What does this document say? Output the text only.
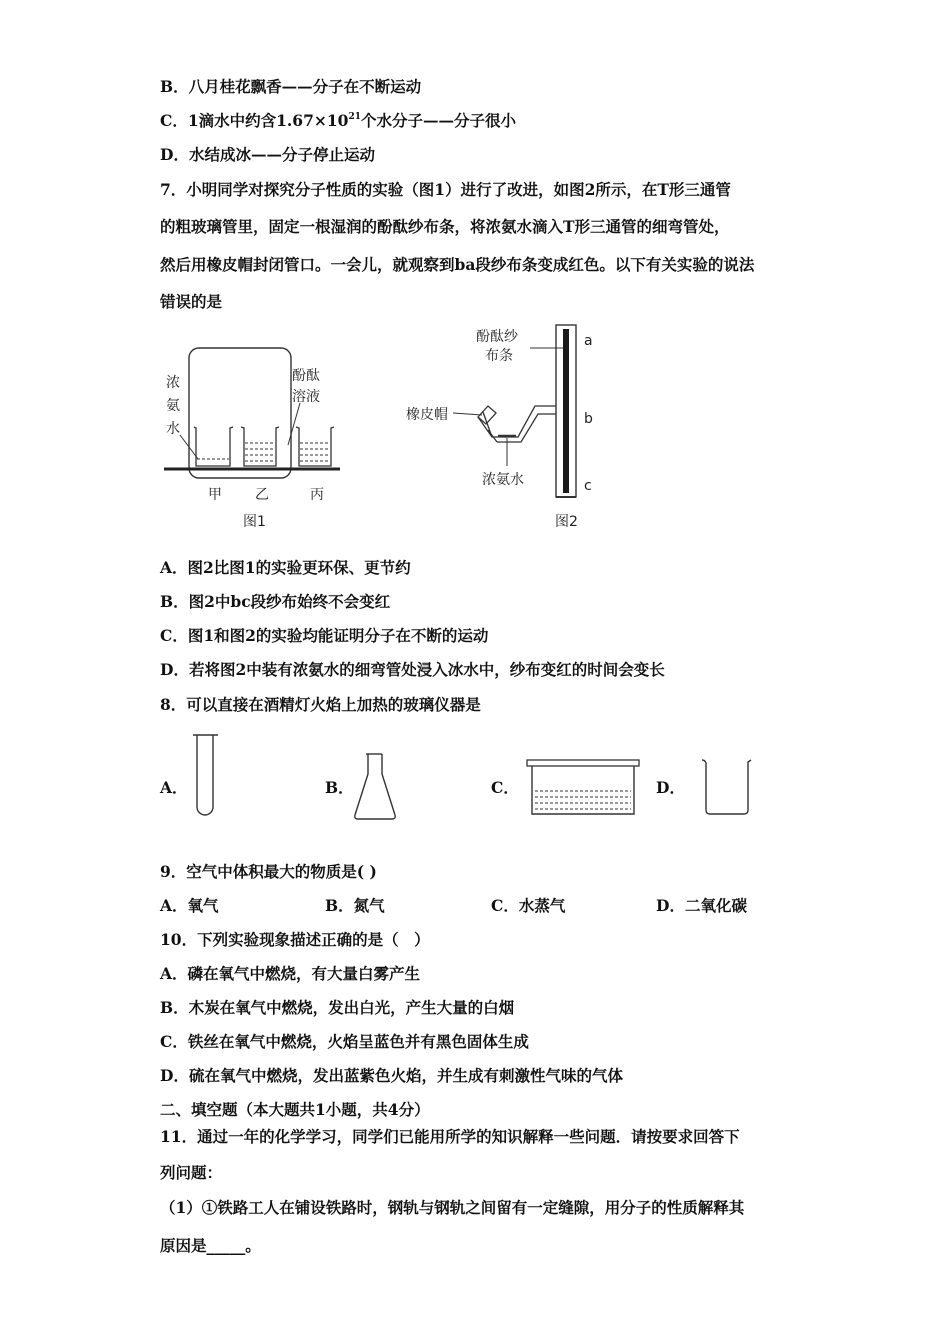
B．八月桂花飘香——分子在不断运动
C．1滴水中约含$1.67\times 10^{21}$个水分子——分子很小
D．水结成冰——分子停止运动
7．小明同学对探究分子性质的实验（图1）进行了改进，如图2所示，在T形三通管
的粗玻璃管里，固定一根湿润的酚酞纱布条，将浓氨水滴入T形三通管的细弯管处，
然后用橡皮帽封闭管口。一会儿，就观察到ba段纱布条变成红色。以下有关实验的说法
错误的是
浓
氨
水
酚酞
溶液
甲 乙	丙
图1
酚酞纱
布条
橡皮帽
浓氨水
a
b
c
图2
A．图2比图1的实验更环保、更节约
B．图2中bc段纱布始终不会变红
C．图1和图2的实验均能证明分子在不断的运动
D．若将图2中装有浓氨水的细弯管处浸入冰水中，纱布变红的时间会变长
8．可以直接在酒精灯火焰上加热的玻璃仪器是
A．	B．	C．	D．
9．空气中体积最大的物质是( )
A．氧气	B．氮气	C．水蒸气	D．二氧化碳
10．下列实验现象描述正确的是（　）
A．磷在氧气中燃烧，有大量白雾产生
B．木炭在氧气中燃烧，发出白光，产生大量的白烟
C．铁丝在氧气中燃烧，火焰呈蓝色并有黑色固体生成
D．硫在氧气中燃烧，发出蓝紫色火焰，并生成有刺激性气味的气体
二、填空题（本大题共1小题，共4分）
11．通过一年的化学学习，同学们已能用所学的知识解释一些问题．请按要求回答下
列问题：
（1）①铁路工人在铺设铁路时，钢轨与钢轨之间留有一定缝隙，用分子的性质解释其
原因是_____。
